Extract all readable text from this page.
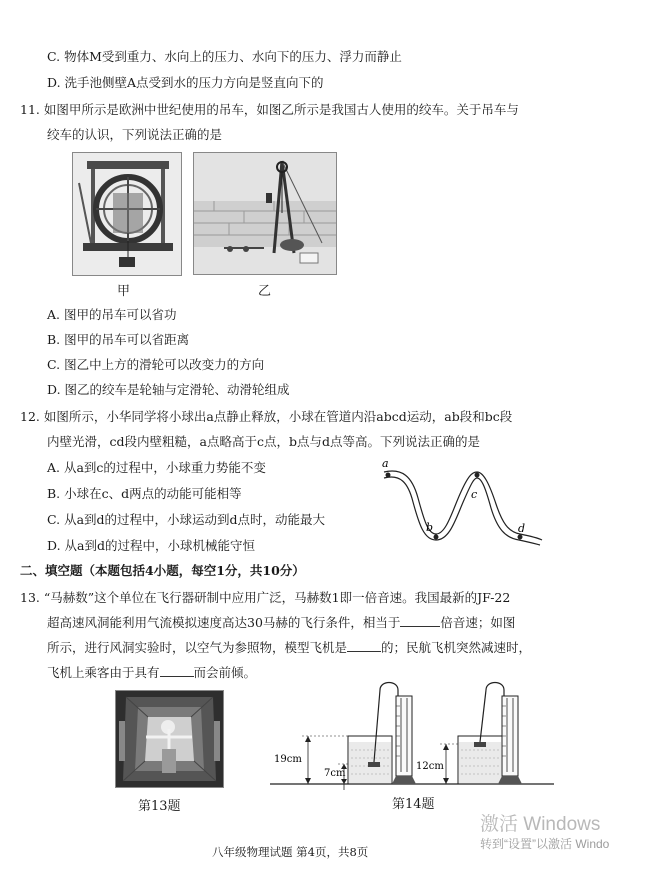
C. 物体M受到重力、水向上的压力、水向下的压力、浮力而静止
D. 洗手池侧壁A点受到水的压力方向是竖直向下的
11. 如图甲所示是欧洲中世纪使用的吊车，如图乙所示是我国古人使用的绞车。关于吊车与
绞车的认识，下列说法正确的是
甲	乙
A. 图甲的吊车可以省功
B. 图甲的吊车可以省距离
C. 图乙中上方的滑轮可以改变力的方向
D. 图乙的绞车是轮轴与定滑轮、动滑轮组成
12. 如图所示，小华同学将小球出a点静止释放，小球在管道内沿abcd运动，ab段和bc段
内壁光滑，cd段内壁粗糙，a点略高于c点，b点与d点等高。下列说法正确的是
A. 从a到c的过程中，小球重力势能不变
B. 小球在c、d两点的动能可能相等
C. 从a到d的过程中，小球运动到d点时，动能最大
D. 从a到d的过程中，小球机械能守恒
a
b
c
d
二、填空题（本题包括4小题，每空1分，共10分）
13. “马赫数”这个单位在飞行器研制中应用广泛，马赫数1即一倍音速。我国最新的JF-22
超高速风洞能利用气流模拟速度高达30马赫的飞行条件，相当于	倍音速；如图
所示，进行风洞实验时，以空气为参照物，模型飞机是	的；民航飞机突然减速时，
飞机上乘客由于具有	而会前倾。
第13题
19cm
7cm
12cm
第14题
激活 Windows
转到“设置”以激活 Windo
八年级物理试题 第4页，共8页
